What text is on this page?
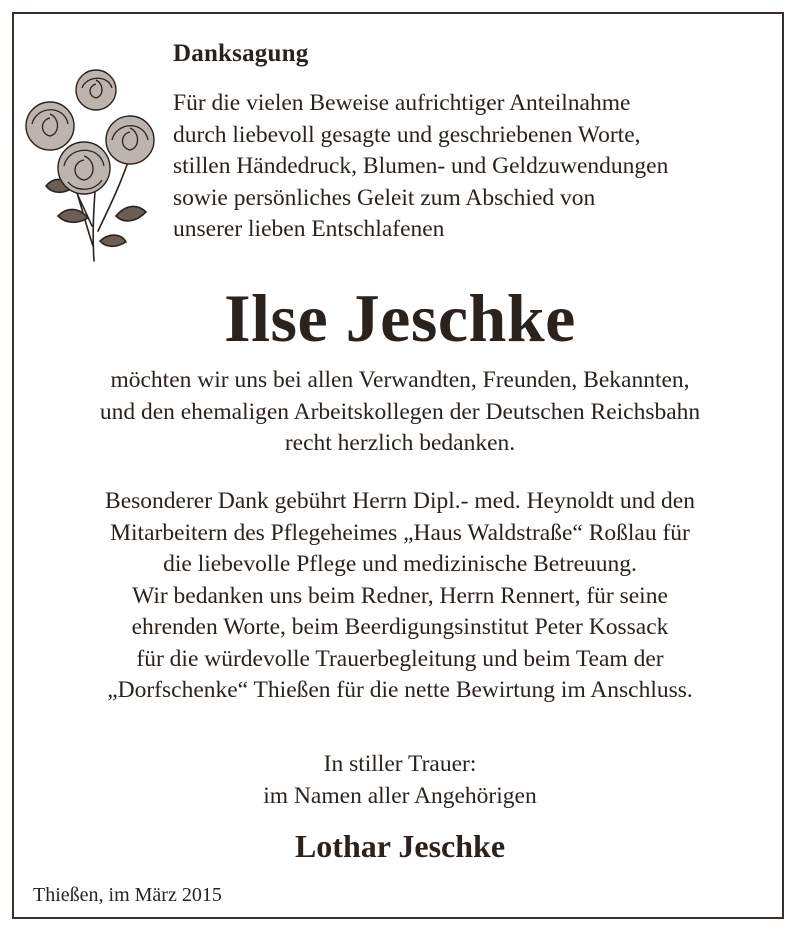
Danksagung
Für die vielen Beweise aufrichtiger Anteilnahme
durch liebevoll gesagte und geschriebenen Worte,
stillen Händedruck, Blumen- und Geldzuwendungen
sowie persönliches Geleit zum Abschied von
unserer lieben Entschlafenen
Ilse Jeschke
möchten wir uns bei allen Verwandten, Freunden, Bekannten,
und den ehemaligen Arbeitskollegen der Deutschen Reichsbahn
recht herzlich bedanken.
Besonderer Dank gebührt Herrn Dipl.- med. Heynoldt und den
Mitarbeitern des Pflegeheimes „Haus Waldstraße“ Roßlau für
die liebevolle Pflege und medizinische Betreuung.
Wir bedanken uns beim Redner, Herrn Rennert, für seine
ehrenden Worte, beim Beerdigungsinstitut Peter Kossack
für die würdevolle Trauerbegleitung und beim Team der
„Dorfschenke“ Thießen für die nette Bewirtung im Anschluss.
In stiller Trauer:
im Namen aller Angehörigen
Lothar Jeschke
Thießen, im März 2015
